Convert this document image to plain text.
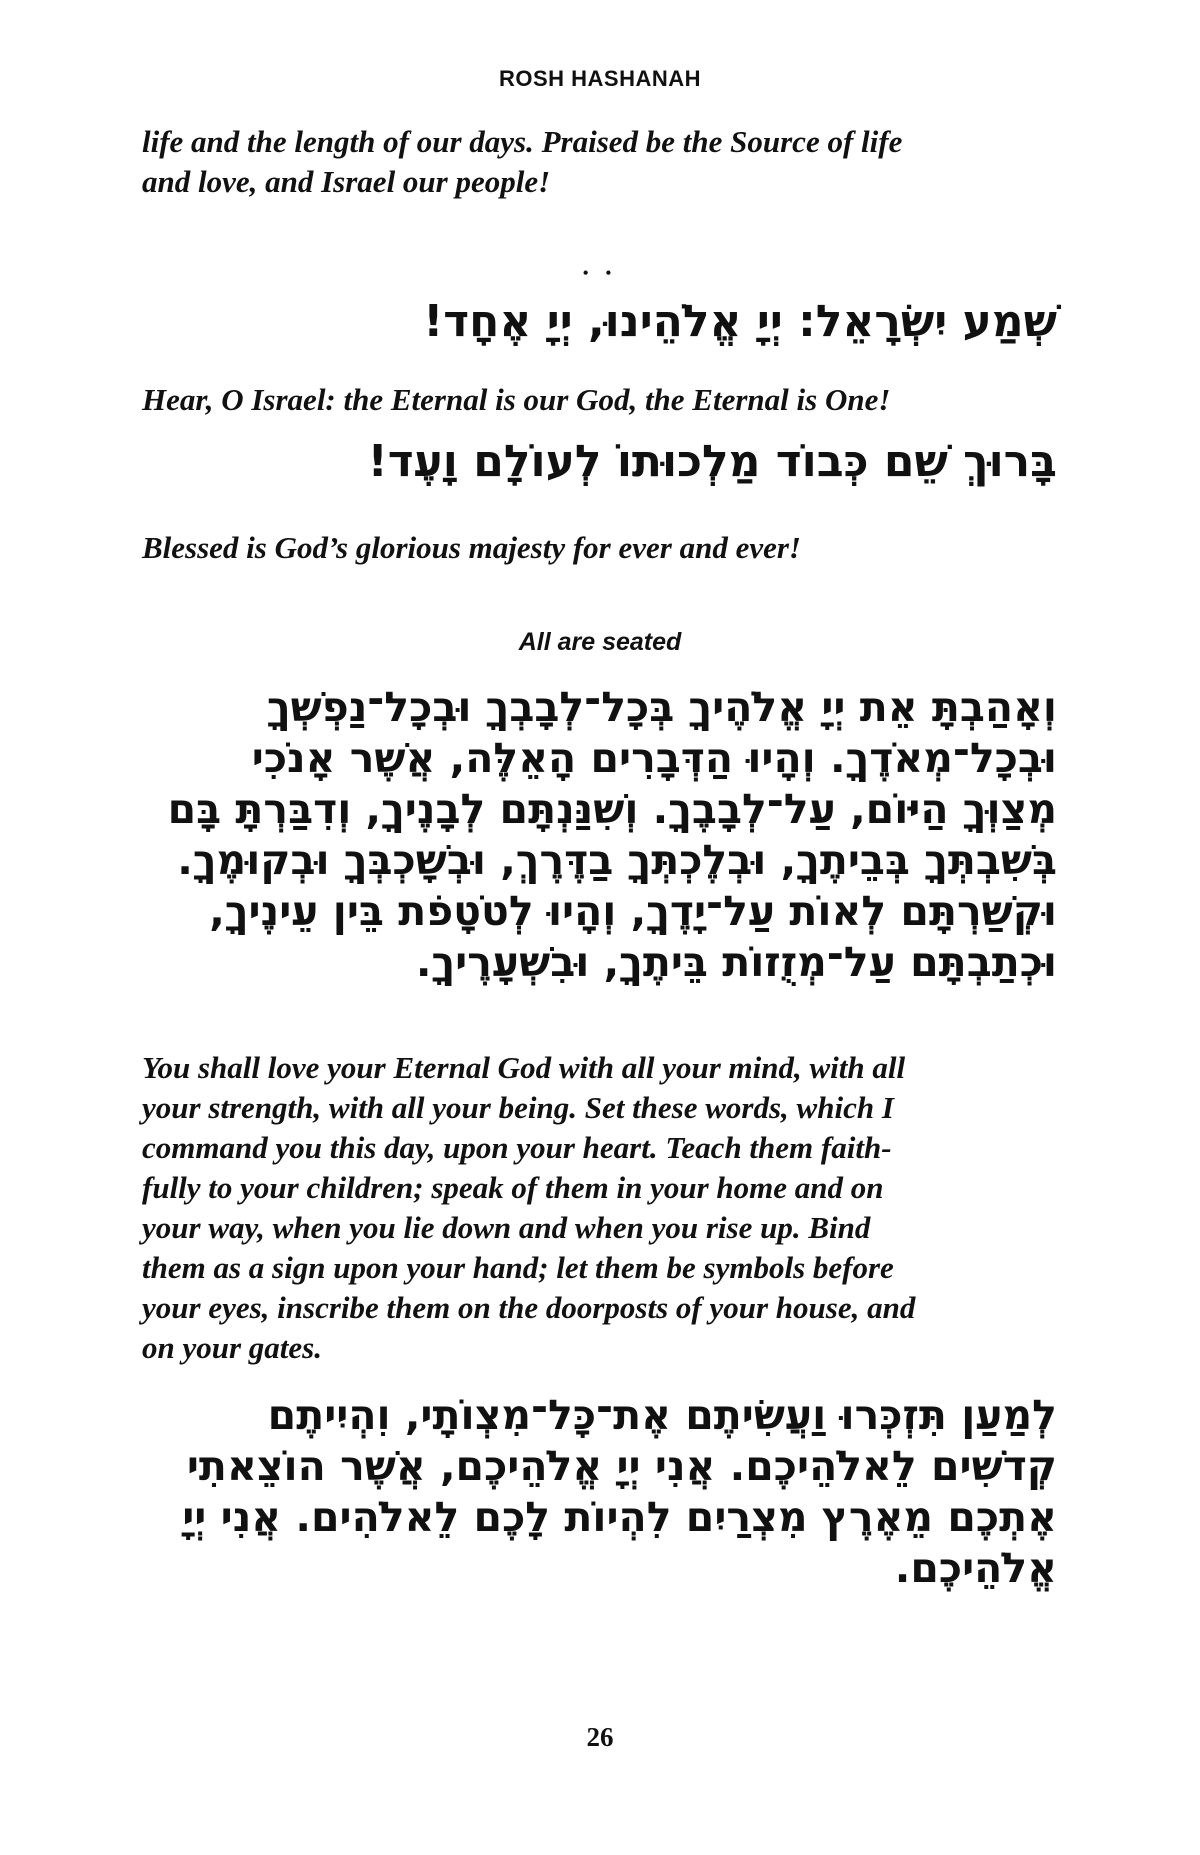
ROSH HASHANAH

life and the length of our days. Praised be the Source of life

and love, and Israel our people!

• •
שְׁמַע יִשְׂרָאֵל: יְיָ אֱלֹהֵינוּ, יְיָ אֶחָד!
Hear, O Israel: the Eternal is our God, the Eternal is One!
בָּרוּךְ שֵׁם כְּבוֹד מַלְכוּתוֹ לְעוֹלָם וָעֶד!
Blessed is God’s glorious majesty for ever and ever!
All are seated

וְאָהַבְתָּ אֵת יְיָ אֱלֹהֶיךָ בְּכָל־לְבָבְךָ וּבְכָל־נַפְשְׁךָ

וּבְכָל־מְאֹדֶךָ. וְהָיוּ הַדְּבָרִים הָאֵלֶּה, אֲשֶׁר אָנֹכִי

מְצַוְּךָ הַיּוֹם, עַל־לְבָבֶךָ. וְשִׁנַּנְתָּם לְבָנֶיךָ, וְדִבַּרְתָּ בָּם

בְּשִׁבְתְּךָ בְּבֵיתֶךָ, וּבְלֶכְתְּךָ בַדֶּרֶךְ, וּבְשָׁכְבְּךָ וּבְקוּמֶךָ.

וּקְשַׁרְתָּם לְאוֹת עַל־יָדֶךָ, וְהָיוּ לְטֹטָפֹת בֵּין עֵינֶיךָ,

וּכְתַבְתָּם עַל־מְזֻזוֹת בֵּיתֶךָ, וּבִשְׁעָרֶיךָ.

You shall love your Eternal God with all your mind, with all

your strength, with all your being. Set these words, which I

command you this day, upon your heart. Teach them faith-

fully to your children; speak of them in your home and on

your way, when you lie down and when you rise up. Bind

them as a sign upon your hand; let them be symbols before

your eyes, inscribe them on the doorposts of your house, and

on your gates.

לְמַעַן תִּזְכְּרוּ וַעֲשִׂיתֶם אֶת־כָּל־מִצְוֹתָי, וִהְיִיתֶם

קְדֹשִׁים לֵאלֹהֵיכֶם. אֲנִי יְיָ אֱלֹהֵיכֶם, אֲשֶׁר הוֹצֵאתִי

אֶתְכֶם מֵאֶרֶץ מִצְרַיִם לִהְיוֹת לָכֶם לֵאלֹהִים. אֲנִי יְיָ

אֱלֹהֵיכֶם.

26
